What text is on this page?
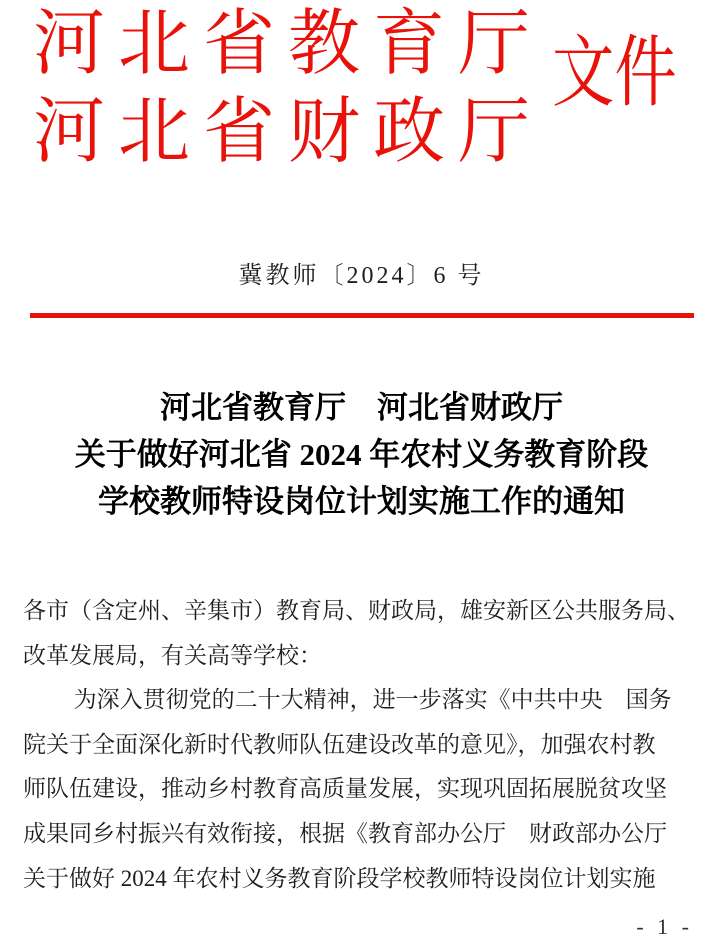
河北省教育厅
河北省财政厅
文件
冀教师〔2024〕6 号
河北省教育厅　河北省财政厅
关于做好河北省 2024 年农村义务教育阶段
学校教师特设岗位计划实施工作的通知
各市（含定州、辛集市）教育局、财政局，雄安新区公共服务局、
改革发展局，有关高等学校：
为深入贯彻党的二十大精神，进一步落实《中共中央　国务
院关于全面深化新时代教师队伍建设改革的意见》，加强农村教
师队伍建设，推动乡村教育高质量发展，实现巩固拓展脱贫攻坚
成果同乡村振兴有效衔接，根据《教育部办公厅　财政部办公厅
关于做好 2024 年农村义务教育阶段学校教师特设岗位计划实施
- 1 -
